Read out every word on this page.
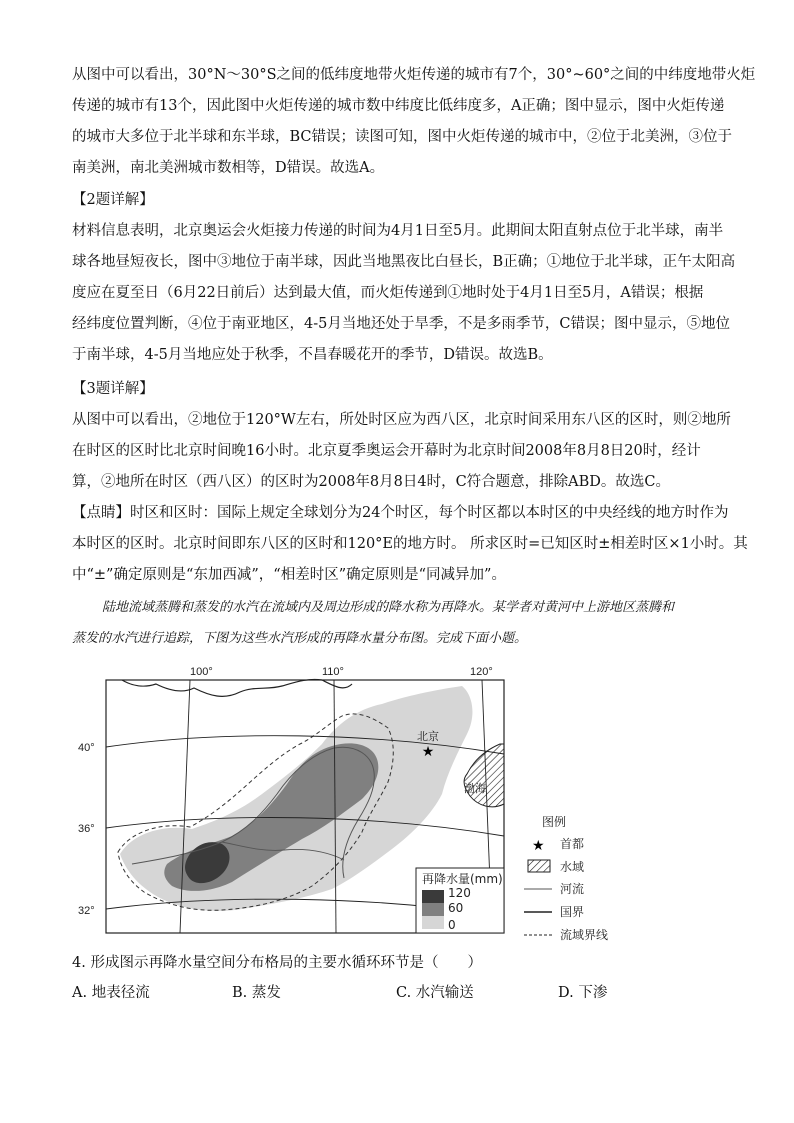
从图中可以看出，30°N～30°S之间的低纬度地带火炬传递的城市有7个，30°~60°之间的中纬度地带火炬
传递的城市有13个，因此图中火炬传递的城市数中纬度比低纬度多，A正确；图中显示，图中火炬传递
的城市大多位于北半球和东半球，BC错误；读图可知，图中火炬传递的城市中，②位于北美洲，③位于
南美洲，南北美洲城市数相等，D错误。故选A。

【2题详解】

材料信息表明，北京奥运会火炬接力传递的时间为4月1日至5月。此期间太阳直射点位于北半球，南半
球各地昼短夜长，图中③地位于南半球，因此当地黑夜比白昼长，B正确；①地位于北半球，正午太阳高
度应在夏至日（6月22日前后）达到最大值，而火炬传递到①地时处于4月1日至5月，A错误；根据
经纬度位置判断，④位于南亚地区，4-5月当地还处于旱季，不是多雨季节，C错误；图中显示，⑤地位
于南半球，4-5月当地应处于秋季，不昌春暖花开的季节，D错误。故选B。

【3题详解】

从图中可以看出，②地位于120°W左右，所处时区应为西八区，北京时间采用东八区的区时，则②地所
在时区的区时比北京时间晚16小时。北京夏季奥运会开幕时为北京时间2008年8月8日20时，经计
算，②地所在时区（西八区）的区时为2008年8月8日4时，C符合题意，排除ABD。故选C。
【点睛】时区和区时：国际上规定全球划分为24个时区，每个时区都以本时区的中央经线的地方时作为
本时区的区时。北京时间即东八区的区时和120°E的地方时。 所求区时=已知区时±相差时区×1小时。其
中“±”确定原则是“东加西减”，“相差时区”确定原则是“同减异加”。

陆地流域蒸腾和蒸发的水汽在流域内及周边形成的降水称为再降水。某学者对黄河中上游地区蒸腾和
蒸发的水汽进行追踪，下图为这些水汽形成的再降水量分布图。完成下面小题。

100°	110°	120°
40°
36°
32°
渤海
★
北京
再降水量(mm)
120
60
0
图例
★ 首都
水域
河流
国界
流域界线
4. 形成图示再降水量空间分布格局的主要水循环环节是（　　）
A. 地表径流	B. 蒸发	C. 水汽输送	D. 下渗
